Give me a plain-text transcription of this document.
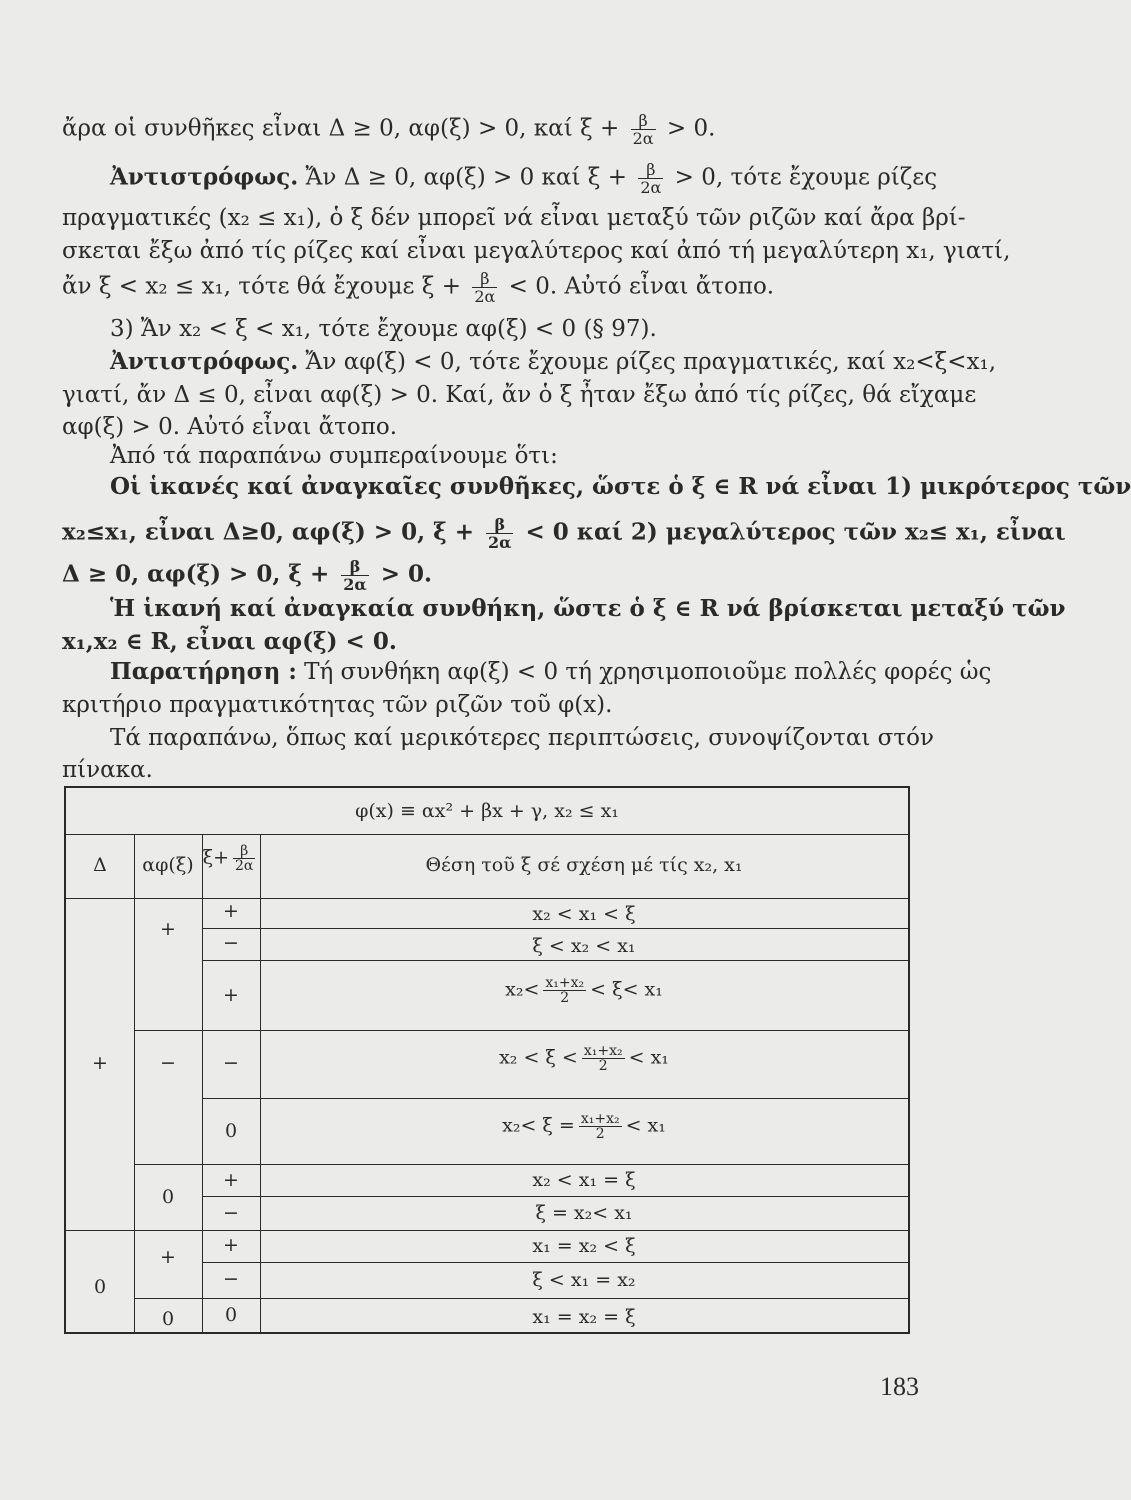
ἄρα οἱ συνθῆκες εἶναι Δ ≥ 0, αφ(ξ) > 0, καί $\xi + \frac{\beta}{2\alpha} > 0$.
Ἀντιστρόφως. Ἄν Δ ≥ 0, αφ(ξ) > 0 καί $\xi + \frac{\beta}{2\alpha} > 0$, τότε ἔχουμε ρίζες
πραγματικές (x₂ ≤ x₁), ὁ ξ δέν μπορεῖ νά εἶναι μεταξύ τῶν ριζῶν καί ἄρα βρί-
σκεται ἔξω ἀπό τίς ρίζες καί εἶναι μεγαλύτερος καί ἀπό τή μεγαλύτερη x₁, γιατί,
ἄν ξ < x₂ ≤ x₁, τότε θά ἔχουμε $\xi + \frac{\beta}{2\alpha} < 0$. Αὐτό εἶναι ἄτοπο.
3) Ἄν x₂ < ξ < x₁, τότε ἔχουμε αφ(ξ) < 0 (§ 97).
Ἀντιστρόφως. Ἄν αφ(ξ) < 0, τότε ἔχουμε ρίζες πραγματικές, καί x₂<ξ<x₁,
γιατί, ἄν Δ ≤ 0, εἶναι αφ(ξ) > 0. Καί, ἄν ὁ ξ ἦταν ἔξω ἀπό τίς ρίζες, θά εἴχαμε
αφ(ξ) > 0. Αὐτό εἶναι ἄτοπο.
Ἀπό τά παραπάνω συμπεραίνουμε ὅτι:
Οἱ ἱκανές καί ἀναγκαῖες συνθῆκες, ὥστε ὁ ξ ∈ R νά εἶναι 1) μικρότερος τῶν
x₂≤x₁, εἶναι Δ≥0, αφ(ξ) > 0, $\xi + \frac{\beta}{2\alpha} < 0$ καί 2) μεγαλύτερος τῶν x₂≤ x₁, εἶναι
Δ ≥ 0, αφ(ξ) > 0, $\xi + \frac{\beta}{2\alpha} > 0$.
Ἡ ἱκανή καί ἀναγκαία συνθήκη, ὥστε ὁ ξ ∈ R νά βρίσκεται μεταξύ τῶν
x₁,x₂ ∈ R, εἶναι αφ(ξ) < 0.
Παρατήρηση : Τή συνθήκη αφ(ξ) < 0 τή χρησιμοποιοῦμε πολλές φορές ὡς
κριτήριο πραγματικότητας τῶν ριζῶν τοῦ φ(x).
Τά παραπάνω, ὅπως καί μερικότερες περιπτώσεις, συνοψίζονται στόν
πίνακα.
φ(x) ≡ αx² + βx + γ, x₂ ≤ x₁
Δ	αφ(ξ) $\xi+ \frac{\beta}{2\alpha}$	Θέση τοῦ ξ σέ σχέση μέ τίς x₂, x₁
+
0
+
−
0
+
0
+
−
+
−
0
+
−
+
−
0
x₂ < x₁ < ξ
ξ < x₂ < x₁
$x_2< \frac{\text{x₁+x₂}}{2} < \xi< x_1$
$x_2 < \xi < \frac{\text{x₁+x₂}}{2} < x_1$
$x_2< \xi = \frac{\text{x₁+x₂}}{2} < x_1$
x₂ < x₁ = ξ
ξ = x₂< x₁
x₁ = x₂ < ξ
ξ < x₁ = x₂
x₁ = x₂ = ξ
183
